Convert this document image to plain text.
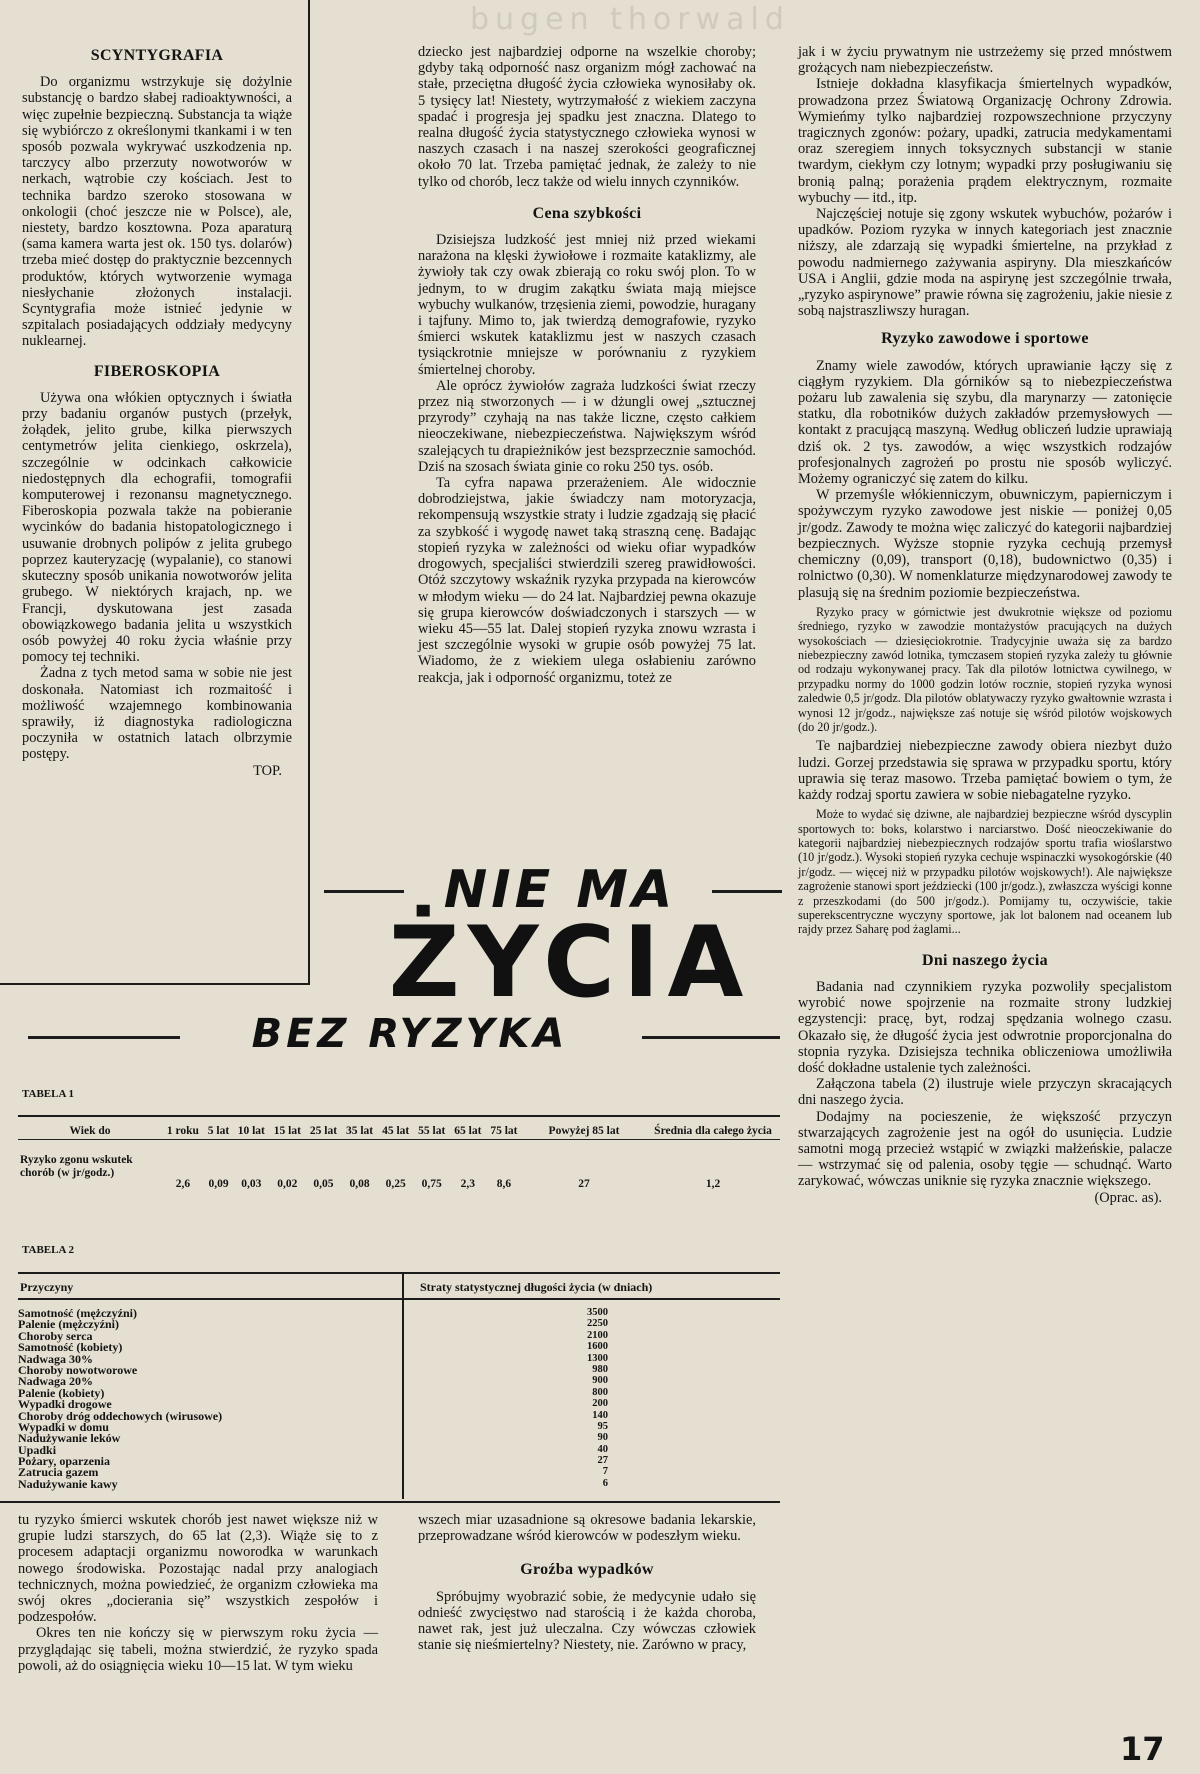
bugen thorwald
SCYNTYGRAFIA

Do organizmu wstrzykuje się dożylnie substancję o bardzo słabej radioaktywności, a więc zupełnie bezpieczną. Substancja ta wiąże się wybiórczo z określonymi tkankami i w ten sposób pozwala wykrywać uszkodzenia np. tarczycy albo przerzuty nowotworów w nerkach, wątrobie czy kościach. Jest to technika bardzo szeroko stosowana w onkologii (choć jeszcze nie w Polsce), ale, niestety, bardzo kosztowna. Poza aparaturą (sama kamera warta jest ok. 150 tys. dolarów) trzeba mieć dostęp do praktycznie bezcennych produktów, których wytworzenie wymaga niesłychanie złożonych instalacji. Scyntygrafia może istnieć jedynie w szpitalach posiadających oddziały medycyny nuklearnej.

FIBEROSKOPIA

Używa ona włókien optycznych i światła przy badaniu organów pustych (przełyk, żołądek, jelito grube, kilka pierwszych centymetrów jelita cienkiego, oskrzela), szczególnie w odcinkach całkowicie niedostępnych dla echografii, tomografii komputerowej i rezonansu magnetycznego. Fiberoskopia pozwala także na pobieranie wycinków do badania histopatologicznego i usuwanie drobnych polipów z jelita grubego poprzez kauteryzację (wypalanie), co stanowi skuteczny sposób unikania nowotworów jelita grubego. W niektórych krajach, np. we Francji, dyskutowana jest zasada obowiązkowego badania jelita u wszystkich osób powyżej 40 roku życia właśnie przy pomocy tej techniki.

Żadna z tych metod sama w sobie nie jest doskonała. Natomiast ich rozmaitość i możliwość wzajemnego kombinowania sprawiły, iż diagnostyka radiologiczna poczyniła w ostatnich latach olbrzymie postępy.

TOP.

dziecko jest najbardziej odporne na wszelkie choroby; gdyby taką odporność nasz organizm mógł zachować na stałe, przeciętna długość życia człowieka wynosiłaby ok. 5 tysięcy lat! Niestety, wytrzymałość z wiekiem zaczyna spadać i progresja jej spadku jest znaczna. Dlatego to realna długość życia statystycznego człowieka wynosi w naszych czasach i na naszej szerokości geograficznej około 70 lat. Trzeba pamiętać jednak, że zależy to nie tylko od chorób, lecz także od wielu innych czynników.

Cena szybkości

Dzisiejsza ludzkość jest mniej niż przed wiekami narażona na klęski żywiołowe i rozmaite kataklizmy, ale żywioły tak czy owak zbierają co roku swój plon. To w jednym, to w drugim zakątku świata mają miejsce wybuchy wulkanów, trzęsienia ziemi, powodzie, huragany i tajfuny. Mimo to, jak twierdzą demografowie, ryzyko śmierci wskutek kataklizmu jest w naszych czasach tysiąckrotnie mniejsze w porównaniu z ryzykiem śmiertelnej choroby.

Ale oprócz żywiołów zagraża ludzkości świat rzeczy przez nią stworzonych — i w dżungli owej „sztucznej przyrody” czyhają na nas także liczne, często całkiem nieoczekiwane, niebezpieczeństwa. Największym wśród szalejących tu drapieżników jest bezsprzecznie samochód. Dziś na szosach świata ginie co roku 250 tys. osób.

Ta cyfra napawa przerażeniem. Ale widocznie dobrodziejstwa, jakie świadczy nam motoryzacja, rekompensują wszystkie straty i ludzie zgadzają się płacić za szybkość i wygodę nawet taką straszną cenę. Badając stopień ryzyka w zależności od wieku ofiar wypadków drogowych, specjaliści stwierdzili szereg prawidłowości. Otóż szczytowy wskaźnik ryzyka przypada na kierowców w młodym wieku — do 24 lat. Najbardziej pewna okazuje się grupa kierowców doświadczonych i starszych — w wieku 45—55 lat. Dalej stopień ryzyka znowu wzrasta i jest szczególnie wysoki w grupie osób powyżej 75 lat. Wiadomo, że z wiekiem ulega osłabieniu zarówno reakcja, jak i odporność organizmu, toteż ze

jak i w życiu prywatnym nie ustrzeżemy się przed mnóstwem grożących nam niebezpieczeństw.

Istnieje dokładna klasyfikacja śmiertelnych wypadków, prowadzona przez Światową Organizację Ochrony Zdrowia. Wymieńmy tylko najbardziej rozpowszechnione przyczyny tragicznych zgonów: pożary, upadki, zatrucia medykamentami oraz szeregiem innych toksycznych substancji w stanie twardym, ciekłym czy lotnym; wypadki przy posługiwaniu się bronią palną; porażenia prądem elektrycznym, rozmaite wybuchy — itd., itp.

Najczęściej notuje się zgony wskutek wybuchów, pożarów i upadków. Poziom ryzyka w innych kategoriach jest znacznie niższy, ale zdarzają się wypadki śmiertelne, na przykład z powodu nadmiernego zażywania aspiryny. Dla mieszkańców USA i Anglii, gdzie moda na aspirynę jest szczególnie trwała, „ryzyko aspirynowe” prawie równa się zagrożeniu, jakie niesie z sobą najstraszliwszy huragan.

Ryzyko zawodowe i sportowe

Znamy wiele zawodów, których uprawianie łączy się z ciągłym ryzykiem. Dla górników są to niebezpieczeństwa pożaru lub zawalenia się szybu, dla marynarzy — zatonięcie statku, dla robotników dużych zakładów przemysłowych — kontakt z pracującą maszyną. Według obliczeń ludzie uprawiają dziś ok. 2 tys. zawodów, a więc wszystkich rodzajów profesjonalnych zagrożeń po prostu nie sposób wyliczyć. Możemy ograniczyć się zatem do kilku.

W przemyśle włókienniczym, obuwniczym, papierniczym i spożywczym ryzyko zawodowe jest niskie — poniżej 0,05 jr/godz. Zawody te można więc zaliczyć do kategorii najbardziej bezpiecznych. Wyższe stopnie ryzyka cechują przemysł chemiczny (0,09), transport (0,18), budownictwo (0,35) i rolnictwo (0,30). W nomenklaturze międzynarodowej zawody te plasują się na średnim poziomie bezpieczeństwa.

Ryzyko pracy w górnictwie jest dwukrotnie większe od poziomu średniego, ryzyko w zawodzie montażystów pracujących na dużych wysokościach — dziesięciokrotnie. Tradycyjnie uważa się za bardzo niebezpieczny zawód lotnika, tymczasem stopień ryzyka zależy tu głównie od rodzaju wykonywanej pracy. Tak dla pilotów lotnictwa cywilnego, w przypadku normy do 1000 godzin lotów rocznie, stopień ryzyka wynosi zaledwie 0,5 jr/godz. Dla pilotów oblatywaczy ryzyko gwałtownie wzrasta i wynosi 12 jr/godz., największe zaś notuje się wśród pilotów wojskowych (do 20 jr/godz.).

Te najbardziej niebezpieczne zawody obiera niezbyt dużo ludzi. Gorzej przedstawia się sprawa w przypadku sportu, który uprawia się teraz masowo. Trzeba pamiętać bowiem o tym, że każdy rodzaj sportu zawiera w sobie niebagatelne ryzyko.

Może to wydać się dziwne, ale najbardziej bezpieczne wśród dyscyplin sportowych to: boks, kolarstwo i narciarstwo. Dość nieoczekiwanie do kategorii najbardziej niebezpiecznych rodzajów sportu trafia wioślarstwo (10 jr/godz.). Wysoki stopień ryzyka cechuje wspinaczki wysokogórskie (40 jr/godz. — więcej niż w przypadku pilotów wojskowych!). Ale największe zagrożenie stanowi sport jeździecki (100 jr/godz.), zwłaszcza wyścigi konne z przeszkodami (do 500 jr/godz.). Pomijamy tu, oczywiście, takie superekscentryczne wyczyny sportowe, jak lot balonem nad oceanem lub rajdy przez Saharę pod żaglami...

Dni naszego życia

Badania nad czynnikiem ryzyka pozwoliły specjalistom wyrobić nowe spojrzenie na rozmaite strony ludzkiej egzystencji: pracę, byt, rodzaj spędzania wolnego czasu. Okazało się, że długość życia jest odwrotnie proporcjonalna do stopnia ryzyka. Dzisiejsza technika obliczeniowa umożliwiła dość dokładne ustalenie tych zależności.

Załączona tabela (2) ilustruje wiele przyczyn skracających dni naszego życia.

Dodajmy na pocieszenie, że większość przyczyn stwarzających zagrożenie jest na ogół do usunięcia. Ludzie samotni mogą przecież wstąpić w związki małżeńskie, palacze — wstrzymać się od palenia, osoby tęgie — schudnąć. Warto zarykować, wówczas uniknie się ryzyka znacznie większego.

(Oprac. as).
NIE MA
ŻYCIA
BEZ RYZYKA
TABELA 1
Wiek do	1 roku	5 lat	10 lat	15 lat	25 lat	35 lat	45 lat	55 lat	65 lat	75 lat	Powyżej 85 lat	Średnia dla całego życia
Ryzyko zgonu wskutek chorób (w jr/godz.)	2,6	0,09	0,03	0,02	0,05	0,08	0,25	0,75	2,3	8,6	27	1,2
TABELA 2
Przyczyny	Straty statystycznej długości życia (w dniach)
Samotność (mężczyźni)	3500
Palenie (mężczyźni)	2250
Choroby serca	2100
Samotność (kobiety)	1600
Nadwaga 30%	1300
Choroby nowotworowe	980
Nadwaga 20%	900
Palenie (kobiety)	800
Wypadki drogowe	200
Choroby dróg oddechowych (wirusowe)	140
Wypadki w domu	95
Nadużywanie leków	90
Upadki	40
Pożary, oparzenia	27
Zatrucia gazem	7
Nadużywanie kawy	6

tu ryzyko śmierci wskutek chorób jest nawet większe niż w grupie ludzi starszych, do 65 lat (2,3). Wiąże się to z procesem adaptacji organizmu noworodka w warunkach nowego środowiska. Pozostając nadal przy analogiach technicznych, można powiedzieć, że organizm człowieka ma swój okres „docierania się” wszystkich zespołów i podzespołów.

Okres ten nie kończy się w pierwszym roku życia — przyglądając się tabeli, można stwierdzić, że ryzyko spada powoli, aż do osiągnięcia wieku 10—15 lat. W tym wieku

wszech miar uzasadnione są okresowe badania lekarskie, przeprowadzane wśród kierowców w podeszłym wieku.

Groźba wypadków

Spróbujmy wyobrazić sobie, że medycynie udało się odnieść zwycięstwo nad starością i że każda choroba, nawet rak, jest już uleczalna. Czy wówczas człowiek stanie się nieśmiertelny? Niestety, nie. Zarówno w pracy,

17
